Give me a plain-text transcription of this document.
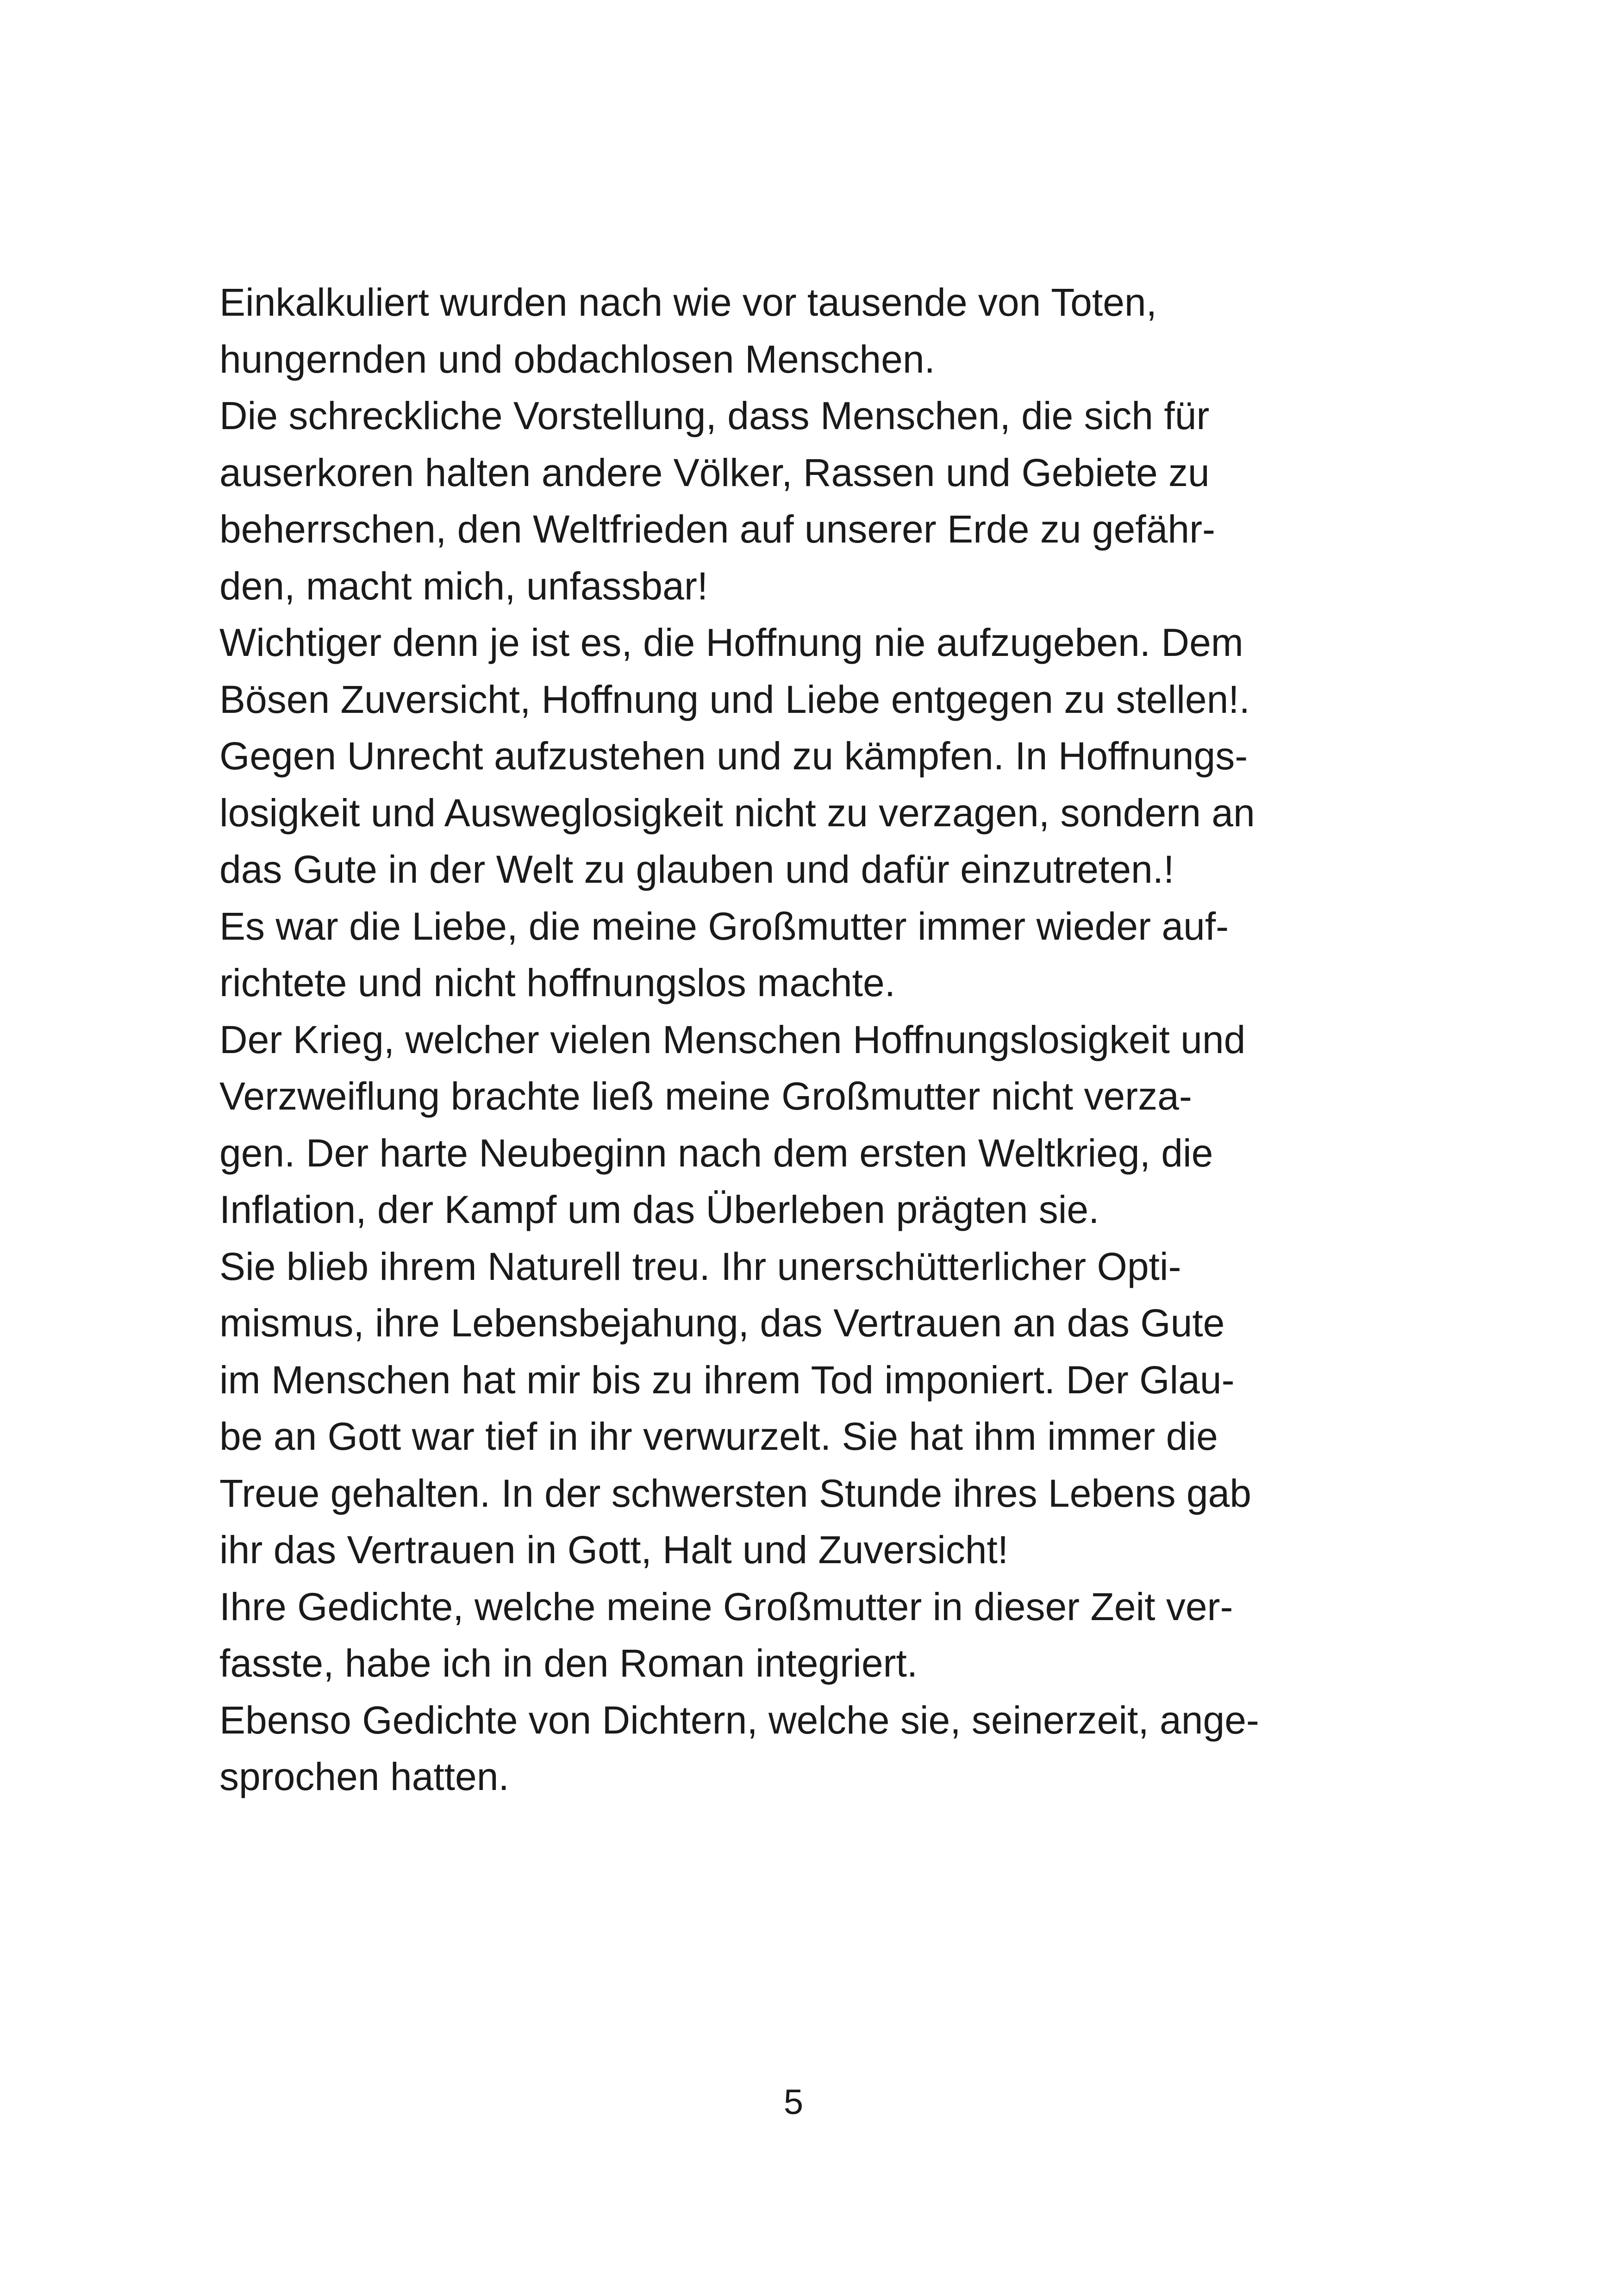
Einkalkuliert wurden nach wie vor tausende von Toten,
hungernden und obdachlosen Menschen.
Die schreckliche Vorstellung, dass Menschen, die sich für
auserkoren halten andere Völker, Rassen und Gebiete zu
beherrschen, den Weltfrieden auf unserer Erde zu gefähr-
den, macht mich, unfassbar!
Wichtiger denn je ist es, die Hoffnung nie aufzugeben. Dem
Bösen Zuversicht, Hoffnung und Liebe entgegen zu stellen!.
Gegen Unrecht aufzustehen und zu kämpfen. In Hoffnungs-
losigkeit und Ausweglosigkeit nicht zu verzagen, sondern an
das Gute in der Welt zu glauben und dafür einzutreten.!
Es war die Liebe, die meine Großmutter immer wieder auf-
richtete und nicht hoffnungslos machte.
Der Krieg, welcher vielen Menschen Hoffnungslosigkeit und
Verzweiflung brachte ließ meine Großmutter nicht verza-
gen. Der harte Neubeginn nach dem ersten Weltkrieg, die
Inflation, der Kampf um das Überleben prägten sie.
Sie blieb ihrem Naturell treu. Ihr unerschütterlicher Opti-
mismus, ihre Lebensbejahung, das Vertrauen an das Gute
im Menschen hat mir bis zu ihrem Tod imponiert. Der Glau-
be an Gott war tief in ihr verwurzelt. Sie hat ihm immer die
Treue gehalten. In der schwersten Stunde ihres Lebens gab
ihr das Vertrauen in Gott, Halt und Zuversicht!
Ihre Gedichte, welche meine Großmutter in dieser Zeit ver-
fasste, habe ich in den Roman integriert.
Ebenso Gedichte von Dichtern, welche sie, seinerzeit, ange-
sprochen hatten.
5
